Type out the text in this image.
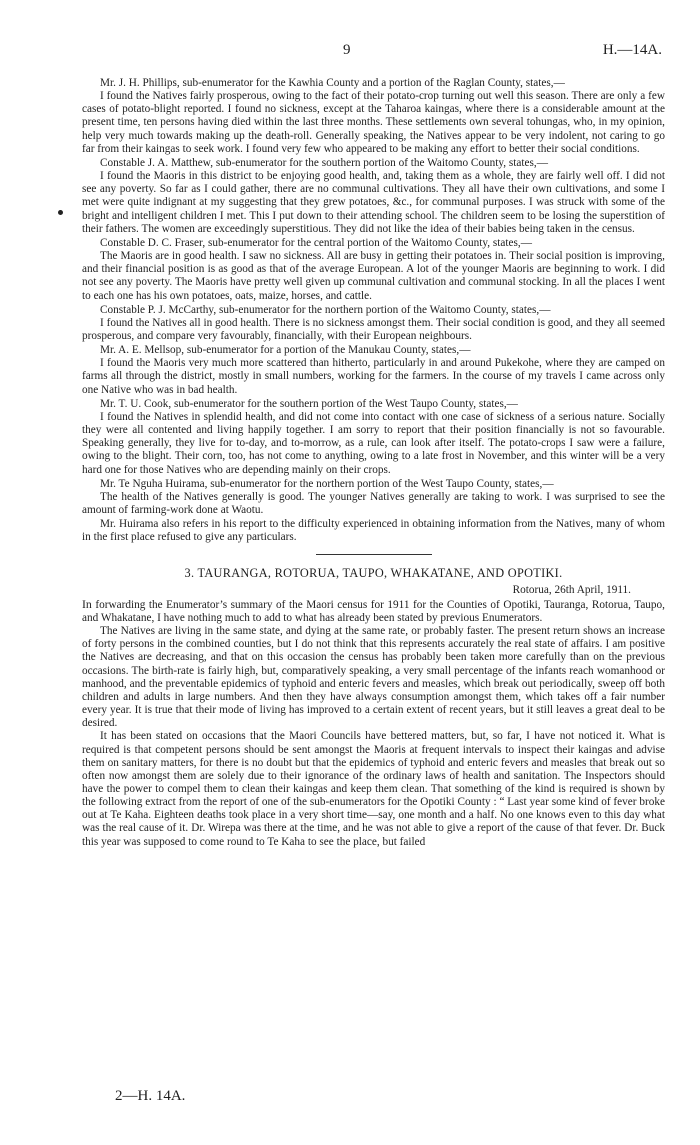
9	H.—14A.

Mr. J. H. Phillips, sub-enumerator for the Kawhia County and a portion of the Raglan County, states,—

I found the Natives fairly prosperous, owing to the fact of their potato-crop turning out well this season. There are only a few cases of potato-blight reported. I found no sickness, except at the Taharoa kaingas, where there is a considerable amount at the present time, ten persons having died within the last three months. These settlements own several tohungas, who, in my opinion, help very much towards making up the death-roll. Generally speaking, the Natives appear to be very indolent, not caring to go far from their kaingas to seek work. I found very few who appeared to be making any effort to better their social conditions.

Constable J. A. Matthew, sub-enumerator for the southern portion of the Waitomo County, states,—

I found the Maoris in this district to be enjoying good health, and, taking them as a whole, they are fairly well off. I did not see any poverty. So far as I could gather, there are no communal cultivations. They all have their own cultivations, and some I met were quite indignant at my suggesting that they grew potatoes, &c., for communal purposes. I was struck with some of the bright and intelligent children I met. This I put down to their attending school. The children seem to be losing the superstition of their fathers. The women are exceedingly superstitious. They did not like the idea of their babies being taken in the census.

Constable D. C. Fraser, sub-enumerator for the central portion of the Waitomo County, states,—

The Maoris are in good health. I saw no sickness. All are busy in getting their potatoes in. Their social position is improving, and their financial position is as good as that of the average European. A lot of the younger Maoris are beginning to work. I did not see any poverty. The Maoris have pretty well given up communal cultivation and communal stocking. In all the places I went to each one has his own potatoes, oats, maize, horses, and cattle.

Constable P. J. McCarthy, sub-enumerator for the northern portion of the Waitomo County, states,—

I found the Natives all in good health. There is no sickness amongst them. Their social condition is good, and they all seemed prosperous, and compare very favourably, financially, with their European neighbours.

Mr. A. E. Mellsop, sub-enumerator for a portion of the Manukau County, states,—

I found the Maoris very much more scattered than hitherto, particularly in and around Pukekohe, where they are camped on farms all through the district, mostly in small numbers, working for the farmers. In the course of my travels I came across only one Native who was in bad health.

Mr. T. U. Cook, sub-enumerator for the southern portion of the West Taupo County, states,—

I found the Natives in splendid health, and did not come into contact with one case of sickness of a serious nature. Socially they were all contented and living happily together. I am sorry to report that their position financially is not so favourable. Speaking generally, they live for to-day, and to-morrow, as a rule, can look after itself. The potato-crops I saw were a failure, owing to the blight. Their corn, too, has not come to anything, owing to a late frost in November, and this winter will be a very hard one for those Natives who are depending mainly on their crops.

Mr. Te Nguha Huirama, sub-enumerator for the northern portion of the West Taupo County, states,—

The health of the Natives generally is good. The younger Natives generally are taking to work. I was surprised to see the amount of farming-work done at Waotu.

Mr. Huirama also refers in his report to the difficulty experienced in obtaining information from the Natives, many of whom in the first place refused to give any particulars.

3. TAURANGA, ROTORUA, TAUPO, WHAKATANE, AND OPOTIKI.

Rotorua, 26th April, 1911.

In forwarding the Enumerator’s summary of the Maori census for 1911 for the Counties of Opotiki, Tauranga, Rotorua, Taupo, and Whakatane, I have nothing much to add to what has already been stated by previous Enumerators.

The Natives are living in the same state, and dying at the same rate, or probably faster. The present return shows an increase of forty persons in the combined counties, but I do not think that this represents accurately the real state of affairs. I am positive the Natives are decreasing, and that on this occasion the census has probably been taken more carefully than on the previous occasions. The birth-rate is fairly high, but, comparatively speaking, a very small percentage of the infants reach womanhood or manhood, and the preventable epidemics of typhoid and enteric fevers and measles, which break out periodically, sweep off both children and adults in large numbers. And then they have always consumption amongst them, which takes off a fair number every year. It is true that their mode of living has improved to a certain extent of recent years, but it still leaves a great deal to be desired.

It has been stated on occasions that the Maori Councils have bettered matters, but, so far, I have not noticed it. What is required is that competent persons should be sent amongst the Maoris at frequent intervals to inspect their kaingas and advise them on sanitary matters, for there is no doubt but that the epidemics of typhoid and enteric fevers and measles that break out so often now amongst them are solely due to their ignorance of the ordinary laws of health and sanitation. The Inspectors should have the power to compel them to clean their kaingas and keep them clean. That something of the kind is required is shown by the following extract from the report of one of the sub-enumerators for the Opotiki County : “ Last year some kind of fever broke out at Te Kaha. Eighteen deaths took place in a very short time—say, one month and a half. No one knows even to this day what was the real cause of it. Dr. Wirepa was there at the time, and he was not able to give a report of the cause of that fever. Dr. Buck this year was supposed to come round to Te Kaha to see the place, but failed

2—H. 14A.
